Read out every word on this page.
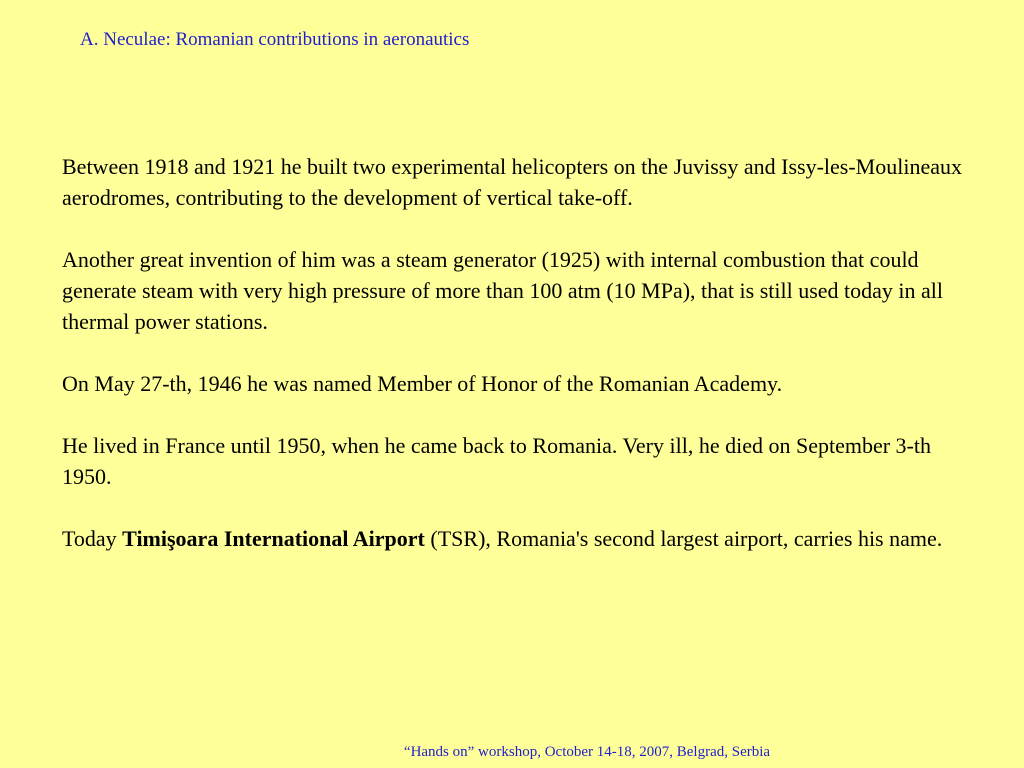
A. Neculae: Romanian contributions in aeronautics

Between 1918 and 1921 he built two experimental helicopters on the Juvissy and Issy-les-Moulineaux aerodromes, contributing to the development of vertical take-off.

Another great invention of him was a steam generator (1925) with internal combustion that could generate steam with very high pressure of more than 100 atm (10 MPa), that is still used today in all thermal power stations.

On May 27-th, 1946 he was named Member of Honor of the Romanian Academy.

He lived in France until 1950, when he came back to Romania. Very ill, he died on September 3-th 1950.

Today Timişoara International Airport (TSR), Romania's second largest airport, carries his name.

“Hands on” workshop, October 14-18, 2007, Belgrad, Serbia
